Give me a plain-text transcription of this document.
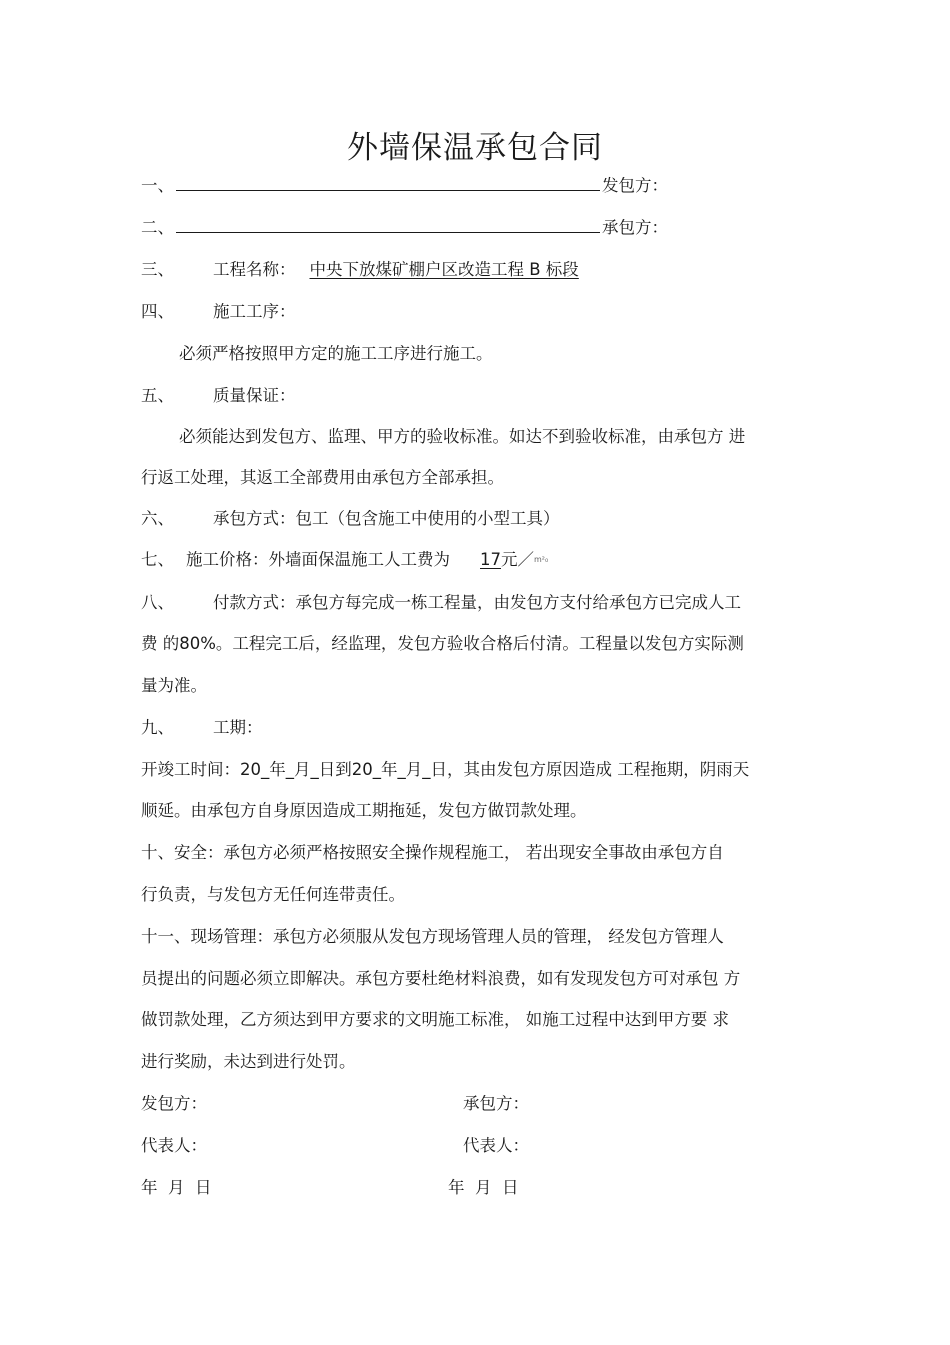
外墙保温承包合同
一、	发包方：
二、	承包方：
三、 工程名称： 中央下放煤矿棚户区改造工程 B 标段
四、 施工工序：
必须严格按照甲方定的施工工序进行施工。
五、 质量保证：
必须能达到发包方、监理、甲方的验收标准。如达不到验收标准，由承包方 进
行返工处理，其返工全部费用由承包方全部承担。
六、 承包方式：包工（包含施工中使用的小型工具）
七、 施工价格：外墙面保温施工人工费为 17元／$^{m^2_0}$
八、 付款方式：承包方每完成一栋工程量，由发包方支付给承包方已完成人工
费 的80%。工程完工后，经监理，发包方验收合格后付清。工程量以发包方实际测
量为准。
九、 工期：
开竣工时间：20_年_月_日到20_年_月_日，其由发包方原因造成 工程拖期，阴雨天
顺延。由承包方自身原因造成工期拖延，发包方做罚款处理。
十、安全：承包方必须严格按照安全操作规程施工， 若出现安全事故由承包方自
行负责，与发包方无任何连带责任。
十一、现场管理：承包方必须服从发包方现场管理人员的管理， 经发包方管理人
员提出的问题必须立即解决。承包方要杜绝材料浪费，如有发现发包方可对承包 方
做罚款处理，乙方须达到甲方要求的文明施工标准， 如施工过程中达到甲方要 求
进行奖励，未达到进行处罚。
发包方：	承包方：
代表人：	代表人：
年  月  日	年  月  日
